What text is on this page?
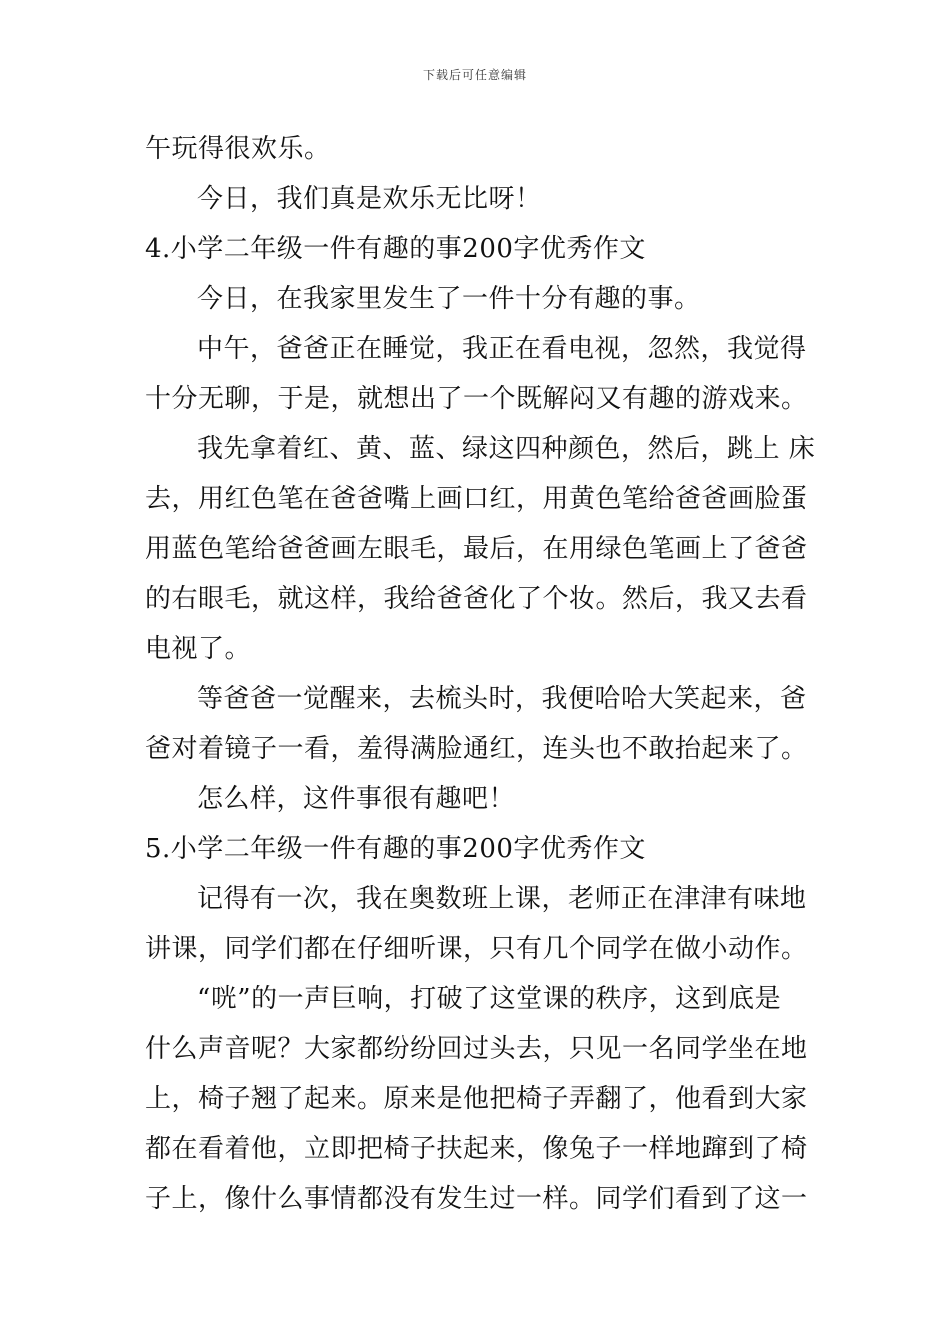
下载后可任意编辑
午玩得很欢乐。
今日，我们真是欢乐无比呀！
4.小学二年级一件有趣的事200字优秀作文
今日，在我家里发生了一件十分有趣的事。
中午，爸爸正在睡觉，我正在看电视，忽然，我觉得
十分无聊，于是，就想出了一个既解闷又有趣的游戏来。
我先拿着红、黄、蓝、绿这四种颜色，然后，跳上 床
去，用红色笔在爸爸嘴上画口红，用黄色笔给爸爸画脸蛋
用蓝色笔给爸爸画左眼毛，最后，在用绿色笔画上了爸爸
的右眼毛，就这样，我给爸爸化了个妆。然后，我又去看
电视了。
等爸爸一觉醒来，去梳头时，我便哈哈大笑起来，爸
爸对着镜子一看，羞得满脸通红，连头也不敢抬起来了。
怎么样，这件事很有趣吧！
5.小学二年级一件有趣的事200字优秀作文
记得有一次，我在奥数班上课，老师正在津津有味地
讲课，同学们都在仔细听课，只有几个同学在做小动作。
“咣”的一声巨响，打破了这堂课的秩序，这到底是
什么声音呢？大家都纷纷回过头去，只见一名同学坐在地
上，椅子翘了起来。原来是他把椅子弄翻了，他看到大家
都在看着他，立即把椅子扶起来，像兔子一样地蹿到了椅
子上，像什么事情都没有发生过一样。同学们看到了这一
